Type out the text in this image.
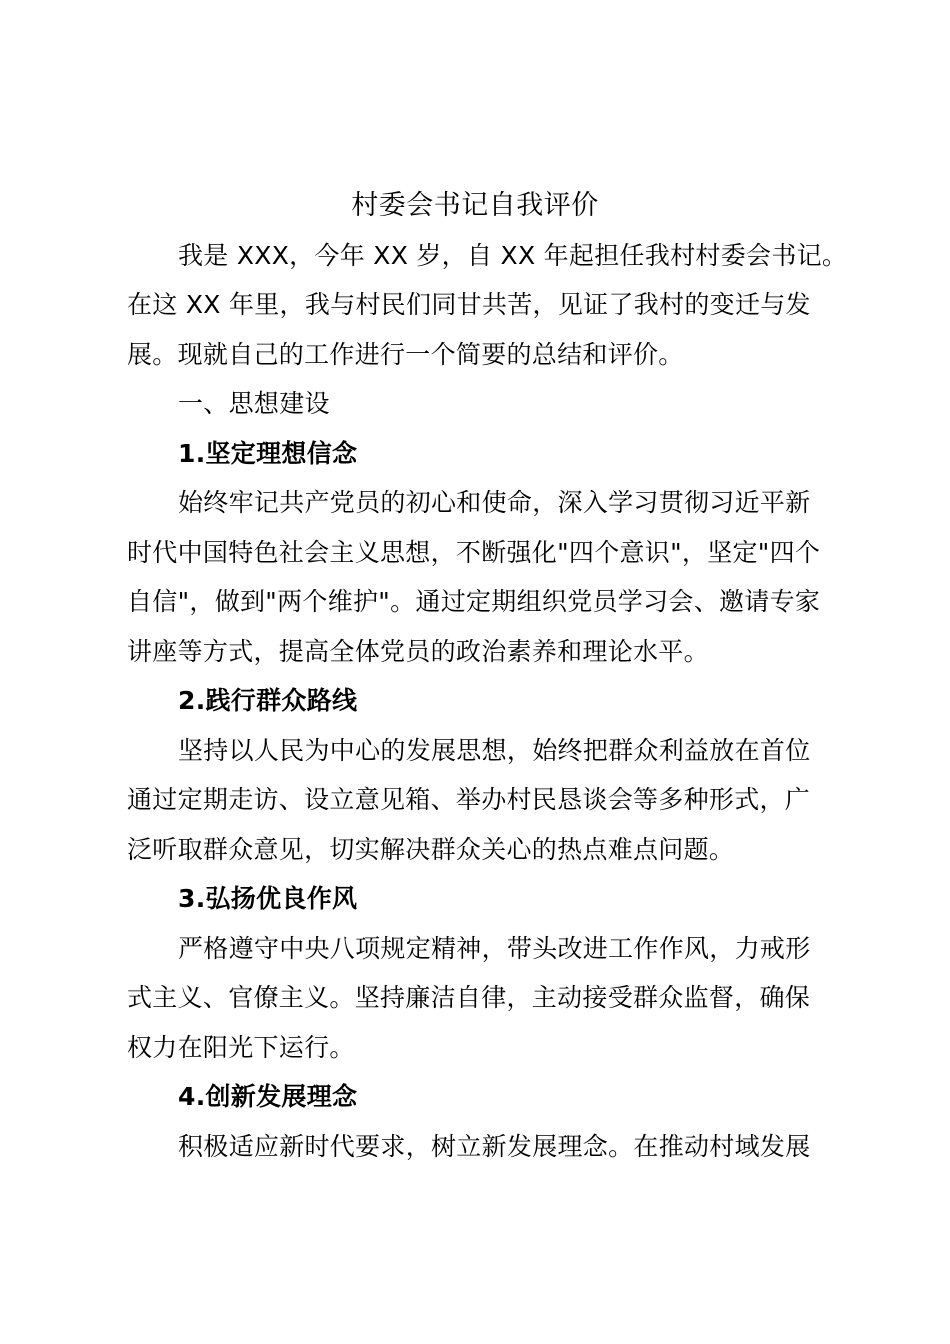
村委会书记自我评价
我是 XXX，今年 XX 岁，自 XX 年起担任我村村委会书记。
在这 XX 年里，我与村民们同甘共苦，见证了我村的变迁与发
展。现就自己的工作进行一个简要的总结和评价。
一、思想建设
1.坚定理想信念
始终牢记共产党员的初心和使命，深入学习贯彻习近平新
时代中国特色社会主义思想，不断强化"四个意识"，坚定"四个
自信"，做到"两个维护"。通过定期组织党员学习会、邀请专家
讲座等方式，提高全体党员的政治素养和理论水平。
2.践行群众路线
坚持以人民为中心的发展思想，始终把群众利益放在首位
通过定期走访、设立意见箱、举办村民恳谈会等多种形式，广
泛听取群众意见，切实解决群众关心的热点难点问题。
3.弘扬优良作风
严格遵守中央八项规定精神，带头改进工作作风，力戒形
式主义、官僚主义。坚持廉洁自律，主动接受群众监督，确保
权力在阳光下运行。
4.创新发展理念
积极适应新时代要求，树立新发展理念。在推动村域发展
